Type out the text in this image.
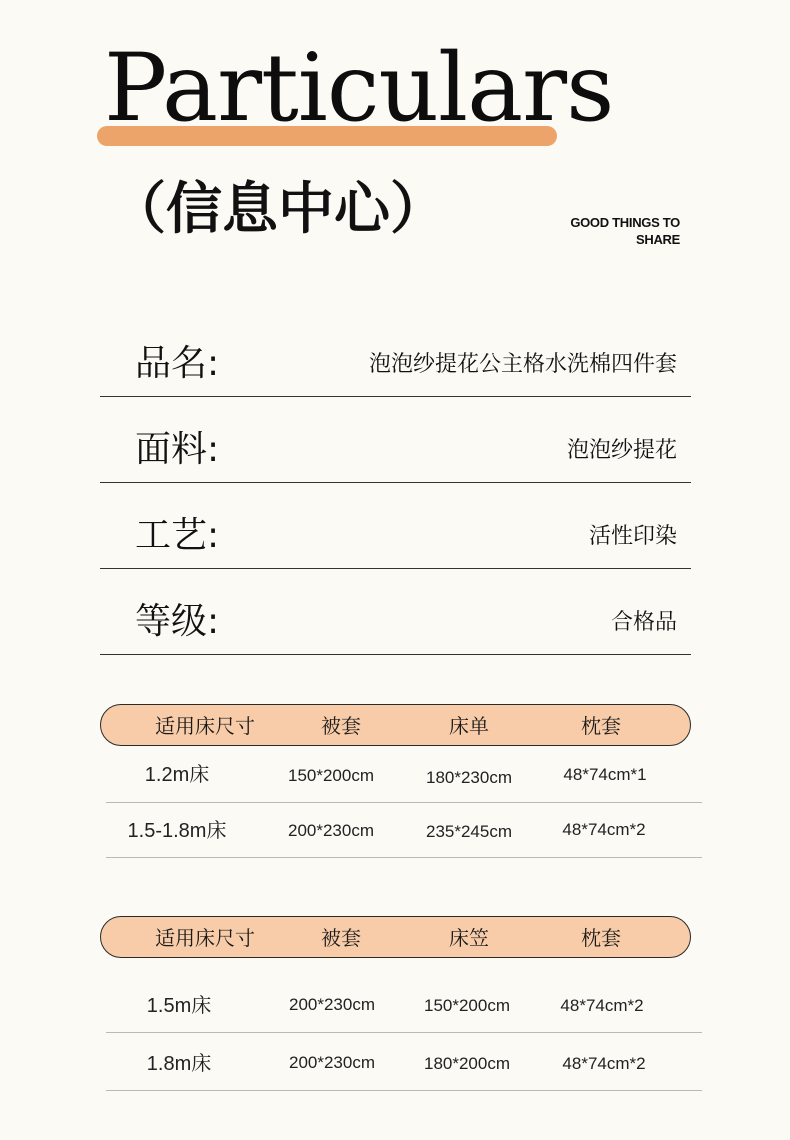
Particulars
（信息中心）	GOOD THINGS TO
SHARE
品名:	泡泡纱提花公主格水洗棉四件套
面料:	泡泡纱提花
工艺:	活性印染
等级:	合格品
适用床尺寸	被套	床单	枕套
1.2m床	150*200cm	180*230cm	48*74cm*1
1.5-1.8m床	200*230cm	235*245cm	48*74cm*2
适用床尺寸	被套	床笠	枕套
1.5m床	200*230cm	150*200cm	48*74cm*2
1.8m床	200*230cm	180*200cm	48*74cm*2
